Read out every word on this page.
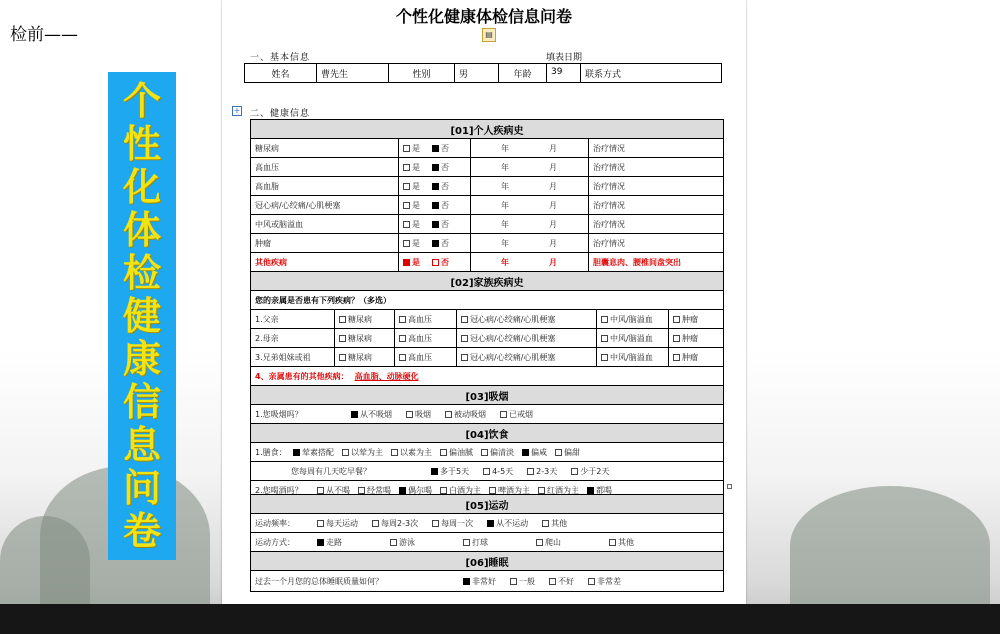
检前——
个
性
化
体
检
健
康
信
息
问
卷
个性化健康体检信息问卷
▤
一、基本信息	填表日期
姓名	曹先生	性别	男	年龄	39	联系方式
+ 二、健康信息
[01]个人疾病史
糖尿病	是	否	年	月	治疗情况
高血压	是	否	年	月	治疗情况
高血脂	是	否	年	月	治疗情况
冠心病/心绞痛/心肌梗塞	是	否	年	月	治疗情况
中风或脑溢血	是	否	年	月	治疗情况
肿瘤	是	否	年	月	治疗情况
其他疾病	是	否	年	月	胆囊息肉、腰椎间盘突出
[02]家族疾病史
您的亲属是否患有下列疾病？（多选）
1.父亲	糖尿病	高血压	冠心病/心绞痛/心肌梗塞	中风/脑溢血	肿瘤
2.母亲	糖尿病	高血压	冠心病/心绞痛/心肌梗塞	中风/脑溢血	肿瘤
3.兄弟姐妹或祖	糖尿病	高血压	冠心病/心绞痛/心肌梗塞	中风/脑溢血	肿瘤
4、亲属患有的其他疾病： 高血脂、动脉硬化
[03]吸烟
1.您吸烟吗？	从不吸烟	吸烟	被动吸烟	已戒烟
[04]饮食
1.膳食：	荤素搭配 以荤为主 以素为主 偏油腻 偏清淡 偏咸 偏甜
您每周有几天吃早餐？	多于5天	4-5天	2-3天	少于2天
2.您喝酒吗？	从不喝 经常喝 偶尔喝 白酒为主 啤酒为主 红酒为主 都喝
[05]运动
运动频率：	每天运动	每周2-3次	每周一次	从不运动	其他
运动方式：	走路	游泳	打球	爬山	其他
[06]睡眠
过去一个月您的总体睡眠质量如何？	非常好	一般	不好	非常差
